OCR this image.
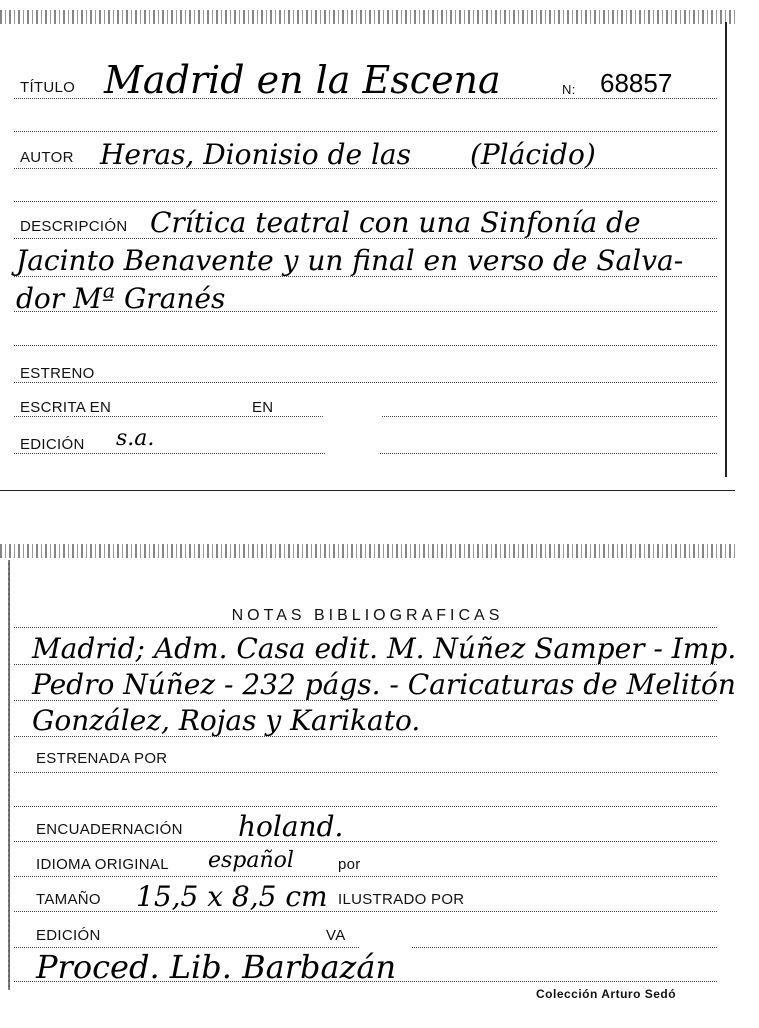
TÍTULO Madrid en la Escena	N: 68857
AUTOR Heras, Dionisio de las (Plácido)
DESCRIPCIÓN Crítica teatral con una Sinfonía de
Jacinto Benavente y un final en verso de Salva-
dor Mª Granés
ESTRENO
ESCRITA EN	EN
EDICIÓN s.a.
NOTAS BIBLIOGRAFICAS
Madrid; Adm. Casa edit. M. Núñez Samper - Imp.
Pedro Núñez - 232 págs. - Caricaturas de Melitón
González, Rojas y Karikato.
ESTRENADA POR
ENCUADERNACIÓN holand.
IDIOMA ORIGINAL español	por
TAMAÑO 15,5 x 8,5 cm ILUSTRADO POR
EDICIÓN	VA
Proced. Lib. Barbazán
Colección Arturo Sedó
